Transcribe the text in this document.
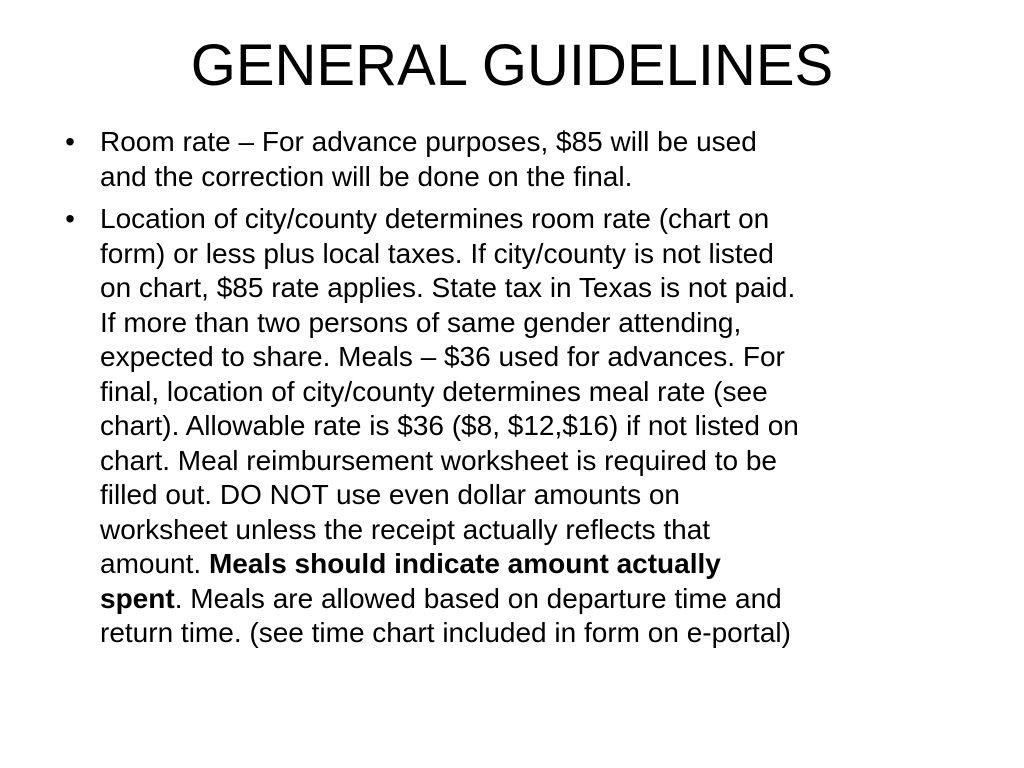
GENERAL GUIDELINES
• Room rate – For advance purposes, $85 will be used
and the correction will be done on the final.
• Location of city/county determines room rate (chart on
form) or less plus local taxes. If city/county is not listed
on chart, $85 rate applies. State tax in Texas is not paid.
If more than two persons of same gender attending,
expected to share. Meals – $36 used for advances. For
final, location of city/county determines meal rate (see
chart). Allowable rate is $36 ($8, $12,$16) if not listed on
chart. Meal reimbursement worksheet is required to be
filled out. DO NOT use even dollar amounts on
worksheet unless the receipt actually reflects that
amount. Meals should indicate amount actually
spent. Meals are allowed based on departure time and
return time. (see time chart included in form on e-portal)
